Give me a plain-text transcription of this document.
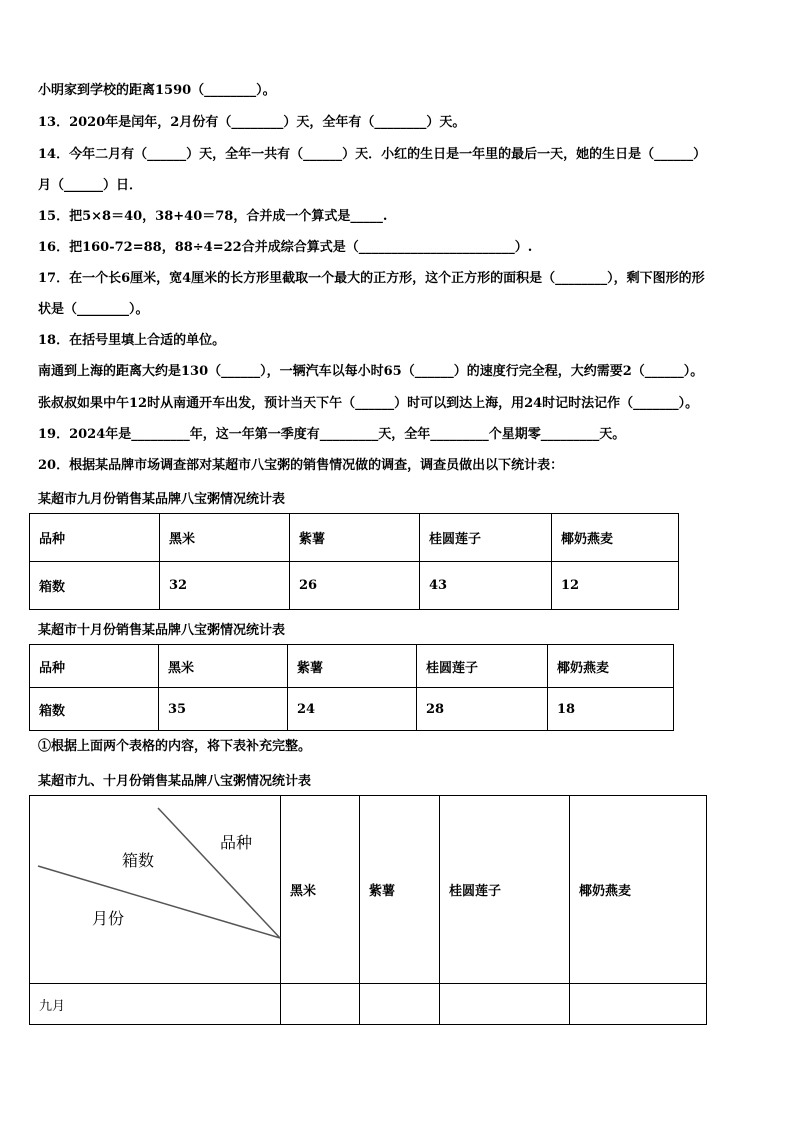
小明家到学校的距离1590（________）。
13．2020年是闰年，2月份有（________）天，全年有（________）天。
14．今年二月有（______）天，全年一共有（______）天．小红的生日是一年里的最后一天，她的生日是（______）
月（______）日．
15．把5×8＝40，38+40＝78，合并成一个算式是_____.
16．把160-72=88，88÷4=22合并成综合算式是（________________________）.
17．在一个长6厘米，宽4厘米的长方形里截取一个最大的正方形，这个正方形的面积是（________），剩下图形的形
状是（________）。
18．在括号里填上合适的单位。
南通到上海的距离大约是130（______），一辆汽车以每小时65（______）的速度行完全程，大约需要2（______）。
张叔叔如果中午12时从南通开车出发，预计当天下午（______）时可以到达上海，用24时记时法记作（_______）。
19．2024年是_________年，这一年第一季度有_________天，全年_________个星期零_________天。
20．根据某品牌市场调查部对某超市八宝粥的销售情况做的调查，调查员做出以下统计表：
某超市九月份销售某品牌八宝粥情况统计表
品种	黑米	紫薯	桂圆莲子	椰奶燕麦
箱数	32	26	43	12
某超市十月份销售某品牌八宝粥情况统计表
品种	黑米	紫薯	桂圆莲子	椰奶燕麦
箱数	35	24	28	18
①根据上面两个表格的内容，将下表补充完整。
某超市九、十月份销售某品牌八宝粥情况统计表
品种
箱数
月份	黑米	紫薯	桂圆莲子	椰奶燕麦
九月				
